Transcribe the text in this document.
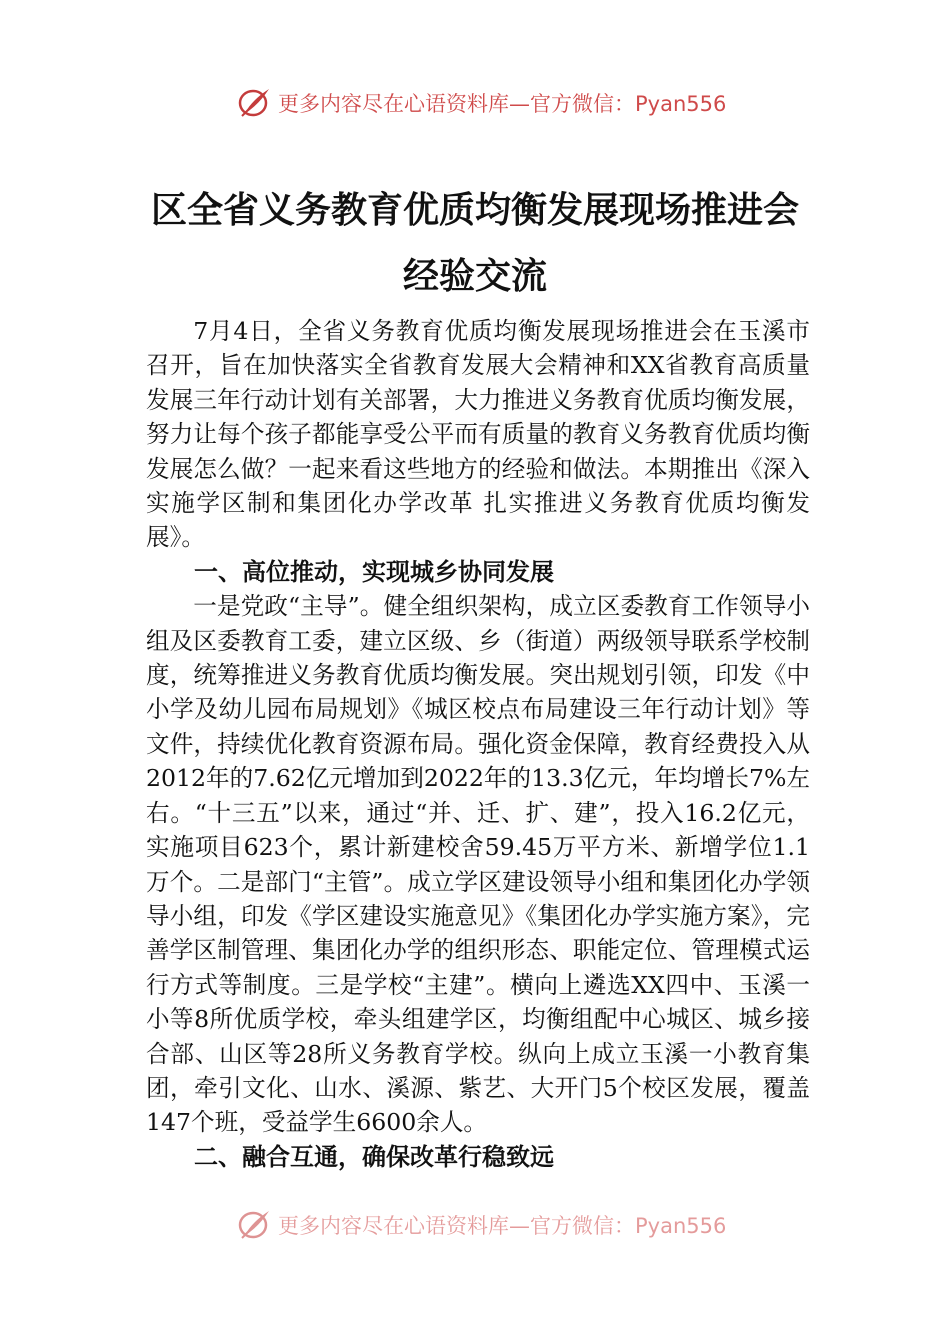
更多内容尽在心语资料库—官方微信：Pyan556
区全省义务教育优质均衡发展现场推进会
经验交流

7月4日，全省义务教育优质均衡发展现场推进会在玉溪市召开，旨在加快落实全省教育发展大会精神和XX省教育高质量发展三年行动计划有关部署，大力推进义务教育优质均衡发展，努力让每个孩子都能享受公平而有质量的教育义务教育优质均衡发展怎么做？一起来看这些地方的经验和做法。本期推出《深入实施学区制和集团化办学改革 扎实推进义务教育优质均衡发展》。

一、高位推动，实现城乡协同发展

一是党政“主导”。健全组织架构，成立区委教育工作领导小组及区委教育工委，建立区级、乡（街道）两级领导联系学校制度，统筹推进义务教育优质均衡发展。突出规划引领，印发《中小学及幼儿园布局规划》《城区校点布局建设三年行动计划》等文件，持续优化教育资源布局。强化资金保障，教育经费投入从2012年的7.62亿元增加到2022年的13.3亿元，年均增长7%左右。“十三五”以来，通过“并、迁、扩、建”，投入16.2亿元，实施项目623个，累计新建校舍59.45万平方米、新增学位1.1万个。二是部门“主管”。成立学区建设领导小组和集团化办学领导小组，印发《学区建设实施意见》《集团化办学实施方案》，完善学区制管理、集团化办学的组织形态、职能定位、管理模式运行方式等制度。三是学校“主建”。横向上遴选XX四中、玉溪一小等8所优质学校，牵头组建学区，均衡组配中心城区、城乡接合部、山区等28所义务教育学校。纵向上成立玉溪一小教育集团，牵引文化、山水、溪源、紫艺、大开门5个校区发展，覆盖147个班，受益学生6600余人。

二、融合互通，确保改革行稳致远
更多内容尽在心语资料库—官方微信：Pyan556
